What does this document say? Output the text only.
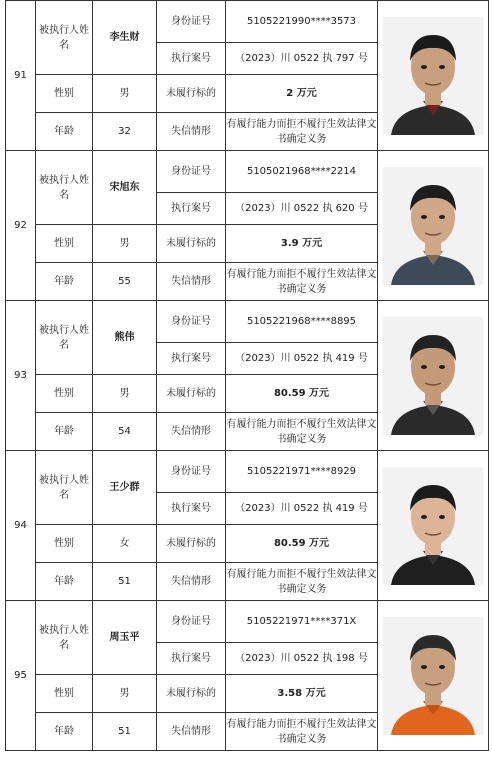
91	被执行人姓名	李生财	身份证号	5105221990****3573	

			执行案号	（2023）川 0522 执 797 号	
	性别	男	未履行标的	2 万元	
	年龄	32	失信情形	有履行能力而拒不履行生效法律文书确定义务	
92	被执行人姓名	宋旭东	身份证号	5105021968****2214	

			执行案号	（2023）川 0522 执 620 号	
	性别	男	未履行标的	3.9 万元	
	年龄	55	失信情形	有履行能力而拒不履行生效法律文书确定义务	
93	被执行人姓名	熊伟	身份证号	5105221968****8895	

			执行案号	（2023）川 0522 执 419 号	
	性别	男	未履行标的	80.59 万元	
	年龄	54	失信情形	有履行能力而拒不履行生效法律文书确定义务	
94	被执行人姓名	王少群	身份证号	5105221971****8929	

			执行案号	（2023）川 0522 执 419 号	
	性别	女	未履行标的	80.59 万元	
	年龄	51	失信情形	有履行能力而拒不履行生效法律文书确定义务	
95	被执行人姓名	周玉平	身份证号	5105221971****371X	

			执行案号	（2023）川 0522 执 198 号	
	性别	男	未履行标的	3.58 万元	
	年龄	51	失信情形	有履行能力而拒不履行生效法律文书确定义务	
